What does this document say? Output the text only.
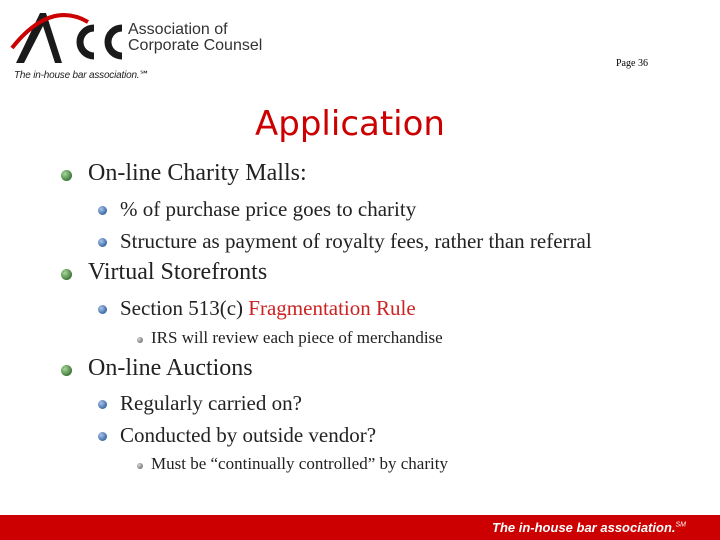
Association of
Corporate Counsel
The in-house bar association.℠
Page 36
Application
On-line Charity Malls:
% of purchase price goes to charity
Structure as payment of royalty fees, rather than referral
Virtual Storefronts
Section 513(c) Fragmentation Rule
IRS will review each piece of merchandise
On-line Auctions
Regularly carried on?
Conducted by outside vendor?
Must be “continually controlled” by charity
The in-house bar association.℠
